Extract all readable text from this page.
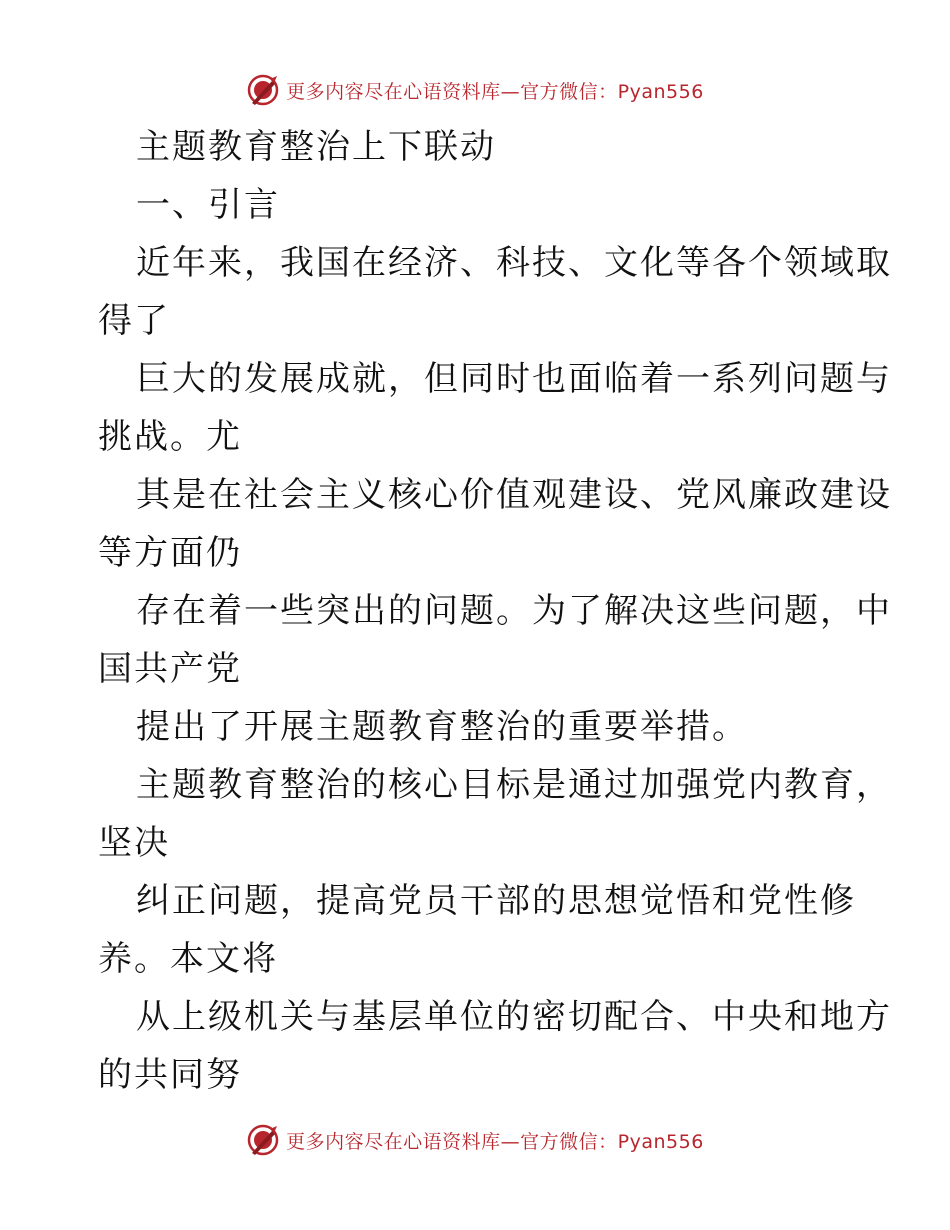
更多内容尽在心语资料库—官方微信：Pyan556
主题教育整治上下联动
一、引言
近年来，我国在经济、科技、文化等各个领域取
得了
巨大的发展成就，但同时也面临着一系列问题与
挑战。尤
其是在社会主义核心价值观建设、党风廉政建设
等方面仍
存在着一些突出的问题。为了解决这些问题，中
国共产党
提出了开展主题教育整治的重要举措。
主题教育整治的核心目标是通过加强党内教育，
坚决
纠正问题，提高党员干部的思想觉悟和党性修
养。本文将
从上级机关与基层单位的密切配合、中央和地方
的共同努
更多内容尽在心语资料库—官方微信：Pyan556
